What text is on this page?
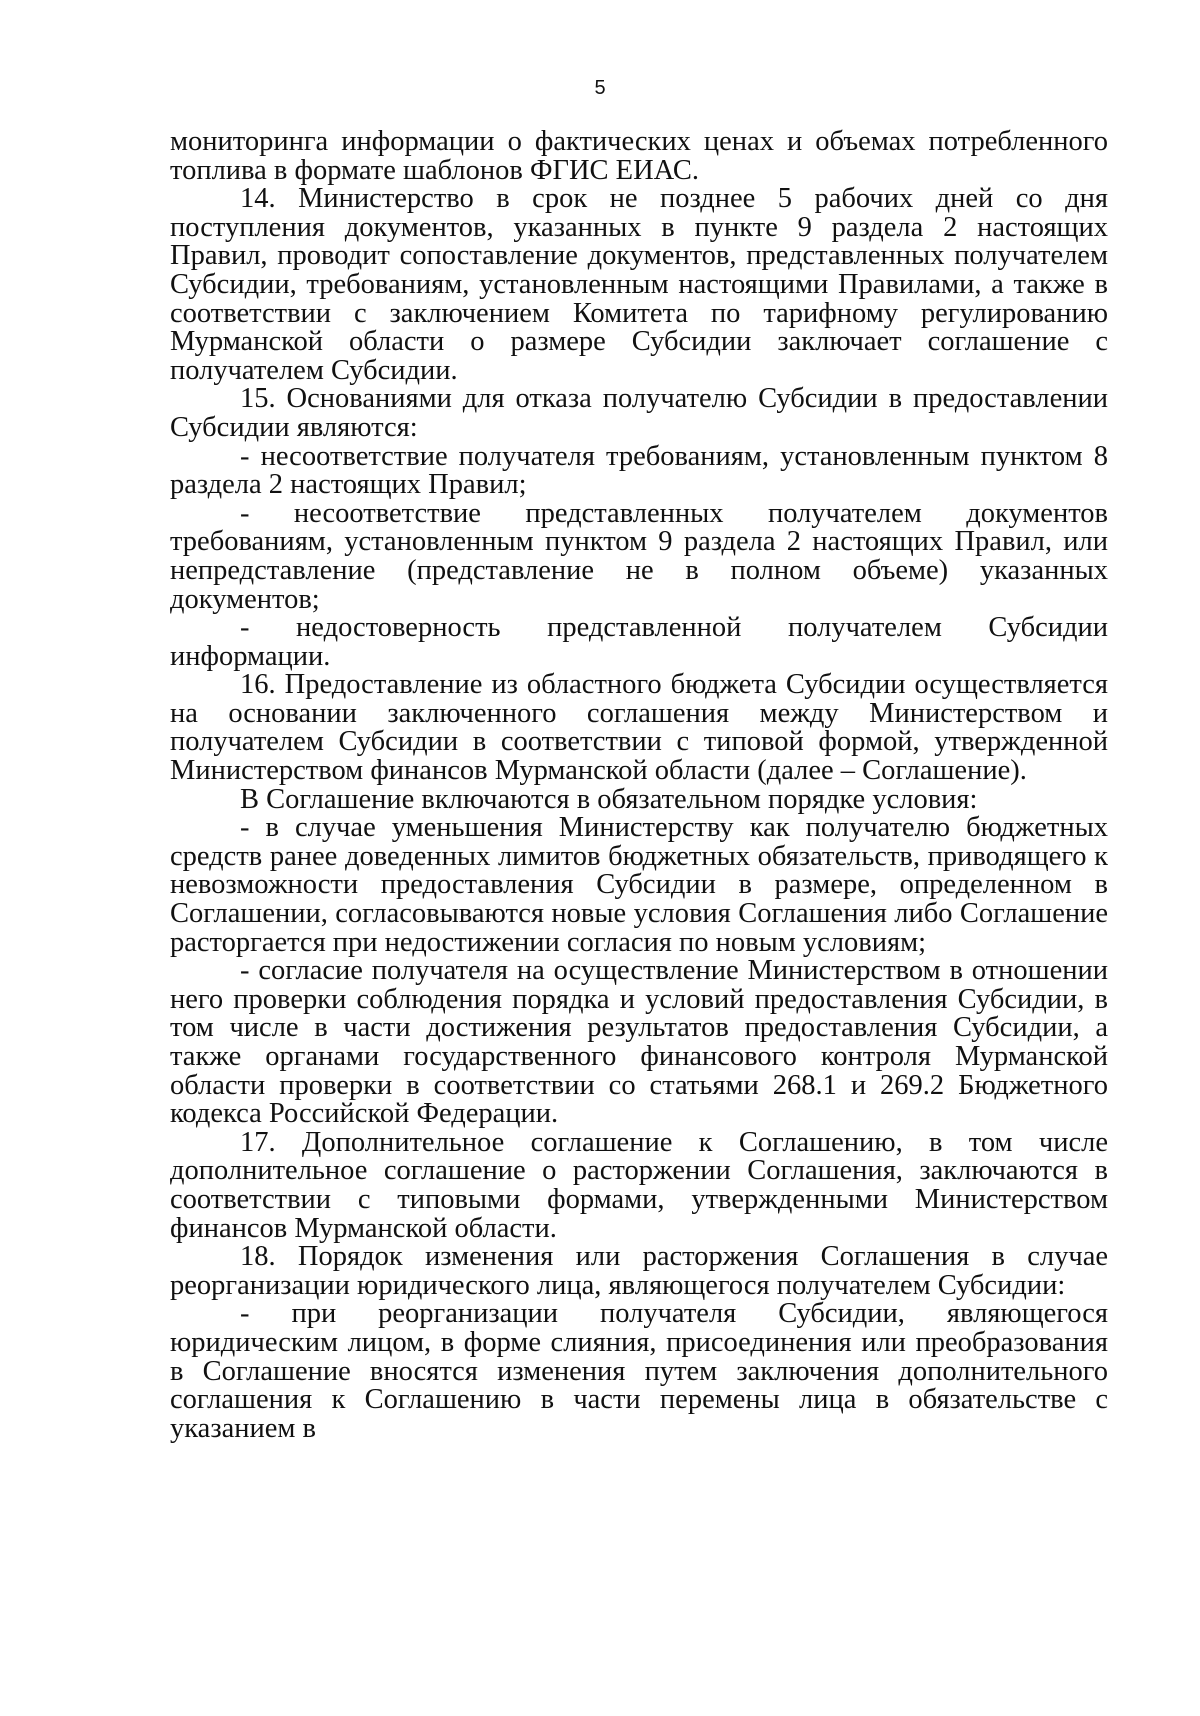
5

мониторинга информации о фактических ценах и объемах потребленного топлива в формате шаблонов ФГИС ЕИАС.

14. Министерство в срок не позднее 5 рабочих дней со дня поступления документов, указанных в пункте 9 раздела 2 настоящих Правил, проводит сопоставление документов, представленных получателем Субсидии, требованиям, установленным настоящими Правилами, а также в соответствии с заключением Комитета по тарифному регулированию Мурманской области о размере Субсидии заключает соглашение с получателем Субсидии.

15. Основаниями для отказа получателю Субсидии в предоставлении Субсидии являются:

- несоответствие получателя требованиям, установленным пунктом 8 раздела 2 настоящих Правил;

- несоответствие представленных получателем документов требованиям, установленным пунктом 9 раздела 2 настоящих Правил, или непредставление (представление не в полном объеме) указанных документов;

- недостоверность представленной получателем Субсидии информации.

16. Предоставление из областного бюджета Субсидии осуществляется на основании заключенного соглашения между Министерством и получателем Субсидии в соответствии с типовой формой, утвержденной Министерством финансов Мурманской области (далее – Соглашение).

В Соглашение включаются в обязательном порядке условия:

- в случае уменьшения Министерству как получателю бюджетных средств ранее доведенных лимитов бюджетных обязательств, приводящего к невозможности предоставления Субсидии в размере, определенном в Соглашении, согласовываются новые условия Соглашения либо Соглашение расторгается при недостижении согласия по новым условиям;

- согласие получателя на осуществление Министерством в отношении него проверки соблюдения порядка и условий предоставления Субсидии, в том числе в части достижения результатов предоставления Субсидии, а также органами государственного финансового контроля Мурманской области проверки в соответствии со статьями 268.1 и 269.2 Бюджетного кодекса Российской Федерации.

17. Дополнительное соглашение к Соглашению, в том числе дополнительное соглашение о расторжении Соглашения, заключаются в соответствии с типовыми формами, утвержденными Министерством финансов Мурманской области.

18. Порядок изменения или расторжения Соглашения в случае реорганизации юридического лица, являющегося получателем Субсидии:

- при реорганизации получателя Субсидии, являющегося юридическим лицом, в форме слияния, присоединения или преобразования в Соглашение вносятся изменения путем заключения дополнительного соглашения к Соглашению в части перемены лица в обязательстве с указанием в
